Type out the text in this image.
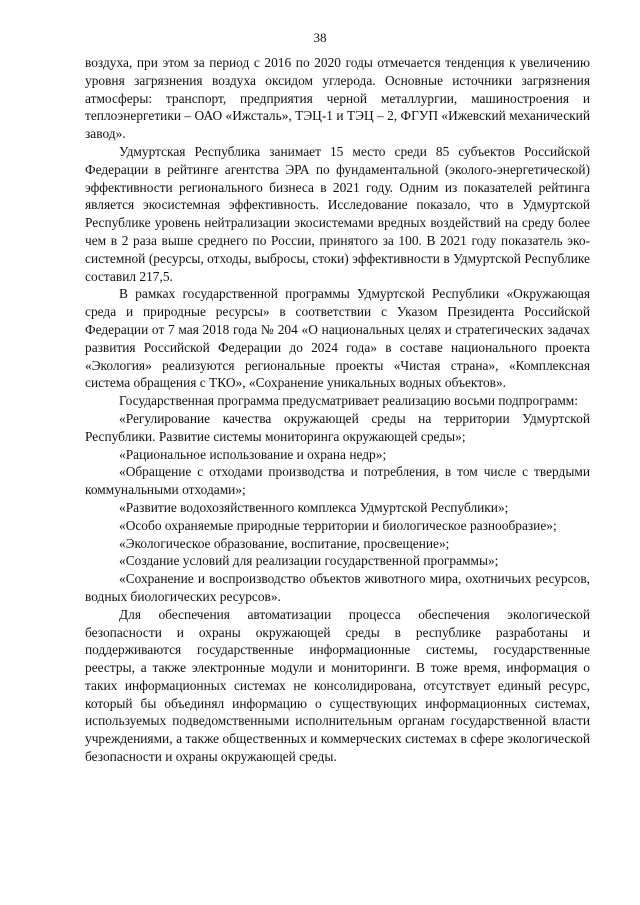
38

воздуха, при этом за период с 2016 по 2020 годы отмечается тенденция к увеличению уровня загрязнения воздуха оксидом углерода. Основные источники загрязнения атмосферы: транспорт, предприятия черной металлургии, машиностроения и теплоэнергетики – ОАО «Ижсталь», ТЭЦ-1 и ТЭЦ – 2, ФГУП «Ижевский механический завод».

Удмуртская Республика занимает 15 место среди 85 субъектов Российской Федерации в рейтинге агентства ЭРА по фундаментальной (эколого-энергетической) эффективности регионального бизнеса в 2021 году. Одним из показателей рейтинга является экосистемная эффективность. Исследование показало, что в Удмуртской Республике уровень нейтрализации экосистемами вредных воздействий на среду более чем в 2 раза выше среднего по России, принятого за 100. В 2021 году показатель эко-системной (ресурсы, отходы, выбросы, стоки) эффективности в Удмуртской Республике составил 217,5.

В рамках государственной программы Удмуртской Республики «Окружающая среда и природные ресурсы» в соответствии с Указом Президента Российской Федерации от 7 мая 2018 года № 204 «О национальных целях и стратегических задачах развития Российской Федерации до 2024 года» в составе национального проекта «Экология» реализуются региональные проекты «Чистая страна», «Комплексная система обращения с ТКО», «Сохранение уникальных водных объектов».

Государственная программа предусматривает реализацию восьми подпрограмм:

«Регулирование качества окружающей среды на территории Удмуртской Республики. Развитие системы мониторинга окружающей среды»;

«Рациональное использование и охрана недр»;

«Обращение с отходами производства и потребления, в том числе с твердыми коммунальными отходами»;

«Развитие водохозяйственного комплекса Удмуртской Республики»;

«Особо охраняемые природные территории и биологическое разнообразие»;

«Экологическое образование, воспитание, просвещение»;

«Создание условий для реализации государственной программы»;

«Сохранение и воспроизводство объектов животного мира, охотничьих ресурсов, водных биологических ресурсов».

Для обеспечения автоматизации процесса обеспечения экологической безопасности и охраны окружающей среды в республике разработаны и поддерживаются государственные информационные системы, государственные реестры, а также электронные модули и мониторинги. В тоже время, информация о таких информационных системах не консолидирована, отсутствует единый ресурс, который бы объединял информацию о существующих информационных системах, используемых подведомственными исполнительным органам государственной власти учреждениями, а также общественных и коммерческих системах в сфере экологической безопасности и охраны окружающей среды.
